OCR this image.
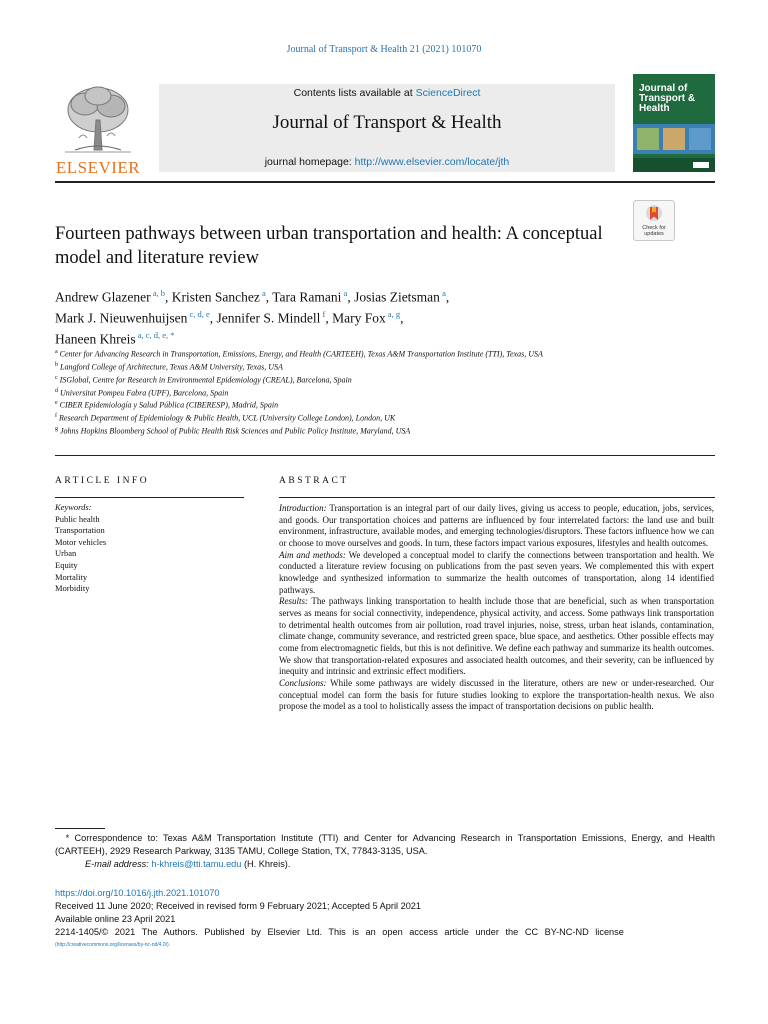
Journal of Transport & Health 21 (2021) 101070
ELSEVIER
Contents lists available at ScienceDirect
Journal of Transport & Health
journal homepage: http://www.elsevier.com/locate/jth
Journal of Transport & Health
Check for updates
Fourteen pathways between urban transportation and health: A conceptual model and literature review
Andrew Glazener $^{a, b}$, Kristen Sanchez $^a$, Tara Ramani $^a$, Josias Zietsman $^a$,
Mark J. Nieuwenhuijsen $^{c, d, e}$, Jennifer S. Mindell $^f$, Mary Fox $^{a, g}$,
Haneen Khreis $^{a, c, d, e, *}$
$^a$ Center for Advancing Research in Transportation, Emissions, Energy, and Health (CARTEEH), Texas A&M Transportation Institute (TTI), Texas, USA
$^b$ Langford College of Architecture, Texas A&M University, Texas, USA
$^c$ ISGlobal, Centre for Research in Environmental Epidemiology (CREAL), Barcelona, Spain
$^d$ Universitat Pompeu Fabra (UPF), Barcelona, Spain
$^e$ CIBER Epidemiología y Salud Pública (CIBERESP), Madrid, Spain
$^f$ Research Department of Epidemiology & Public Health, UCL (University College London), London, UK
$^g$ Johns Hopkins Bloomberg School of Public Health Risk Sciences and Public Policy Institute, Maryland, USA
ARTICLE INFO
Keywords:
Public health
Transportation
Motor vehicles
Urban
Equity
Mortality
Morbidity
ABSTRACT

Introduction: Transportation is an integral part of our daily lives, giving us access to people, education, jobs, services, and goods. Our transportation choices and patterns are influenced by four interrelated factors: the land use and built environment, infrastructure, available modes, and emerging technologies/disruptors. These factors influence how we can or choose to move ourselves and goods. In turn, these factors impact various exposures, lifestyles and health outcomes.

Aim and methods: We developed a conceptual model to clarify the connections between transportation and health. We conducted a literature review focusing on publications from the past seven years. We complemented this with expert knowledge and synthesized information to summarize the health outcomes of transportation, along 14 identified pathways.

Results: The pathways linking transportation to health include those that are beneficial, such as when transportation serves as means for social connectivity, independence, physical activity, and access. Some pathways link transportation to detrimental health outcomes from air pollution, road travel injuries, noise, stress, urban heat islands, contamination, climate change, community severance, and restricted green space, blue space, and aesthetics. Other possible effects may come from electromagnetic fields, but this is not definitive. We define each pathway and summarize its health outcomes. We show that transportation-related exposures and associated health outcomes, and their severity, can be influenced by inequity and intrinsic and extrinsic effect modifiers.

Conclusions: While some pathways are widely discussed in the literature, others are new or under-researched. Our conceptual model can form the basis for future studies looking to explore the transportation-health nexus. We also propose the model as a tool to holistically assess the impact of transportation decisions on public health.

* Correspondence to: Texas A&M Transportation Institute (TTI) and Center for Advancing Research in Transportation Emissions, Energy, and Health (CARTEEH), 2929 Research Parkway, 3135 TAMU, College Station, TX, 77843-3135, USA.
E-mail address: h-khreis@tti.tamu.edu (H. Khreis).
https://doi.org/10.1016/j.jth.2021.101070
Received 11 June 2020; Received in revised form 9 February 2021; Accepted 5 April 2021
Available online 23 April 2021
2214-1405/© 2021 The Authors. Published by Elsevier Ltd. This is an open access article under the CC BY-NC-ND license
(http://creativecommons.org/licenses/by-nc-nd/4.0/).
